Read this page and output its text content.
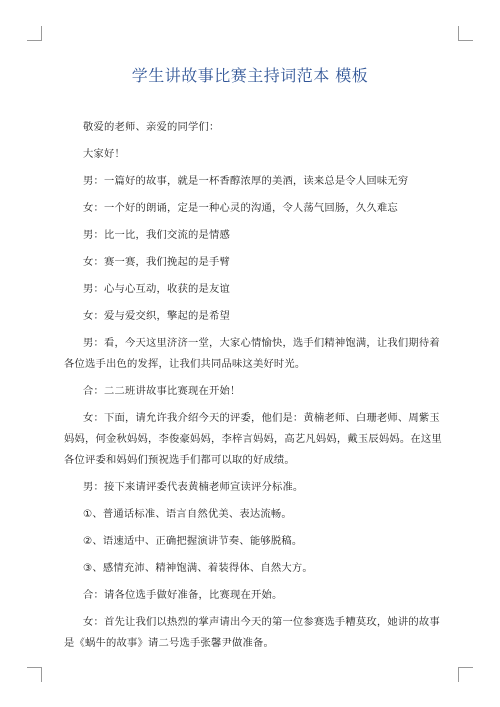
学生讲故事比赛主持词范本 模板

敬爱的老师、亲爱的同学们：

大家好！

男：一篇好的故事，就是一杯香醇浓厚的美酒，读来总是令人回味无穷

女：一个好的朗诵，定是一种心灵的沟通，令人荡气回肠，久久难忘

男：比一比，我们交流的是情感

女：赛一赛，我们挽起的是手臂

男：心与心互动，收获的是友谊

女：爱与爱交织，擎起的是希望

男：看，今天这里济济一堂，大家心情愉快，选手们精神饱满，让我们期待着各位选手出色的发挥，让我们共同品味这美好时光。

合：二二班讲故事比赛现在开始！

女：下面，请允许我介绍今天的评委，他们是：黄楠老师、白珊老师、周紫玉妈妈，何金秋妈妈，李俊豪妈妈，李梓言妈妈，高艺凡妈妈，戴玉辰妈妈。在这里各位评委和妈妈们预祝选手们都可以取的好成绩。

男：接下来请评委代表黄楠老师宣读评分标准。

①、普通话标准、语言自然优美、表达流畅。

②、语速适中、正确把握演讲节奏、能够脱稿。

③、感情充沛、精神饱满、着装得体、自然大方。

合：请各位选手做好准备，比赛现在开始。

女：首先让我们以热烈的掌声请出今天的第一位参赛选手糟莫玫，她讲的故事是《蜗牛的故事》请二号选手张馨尹做准备。
